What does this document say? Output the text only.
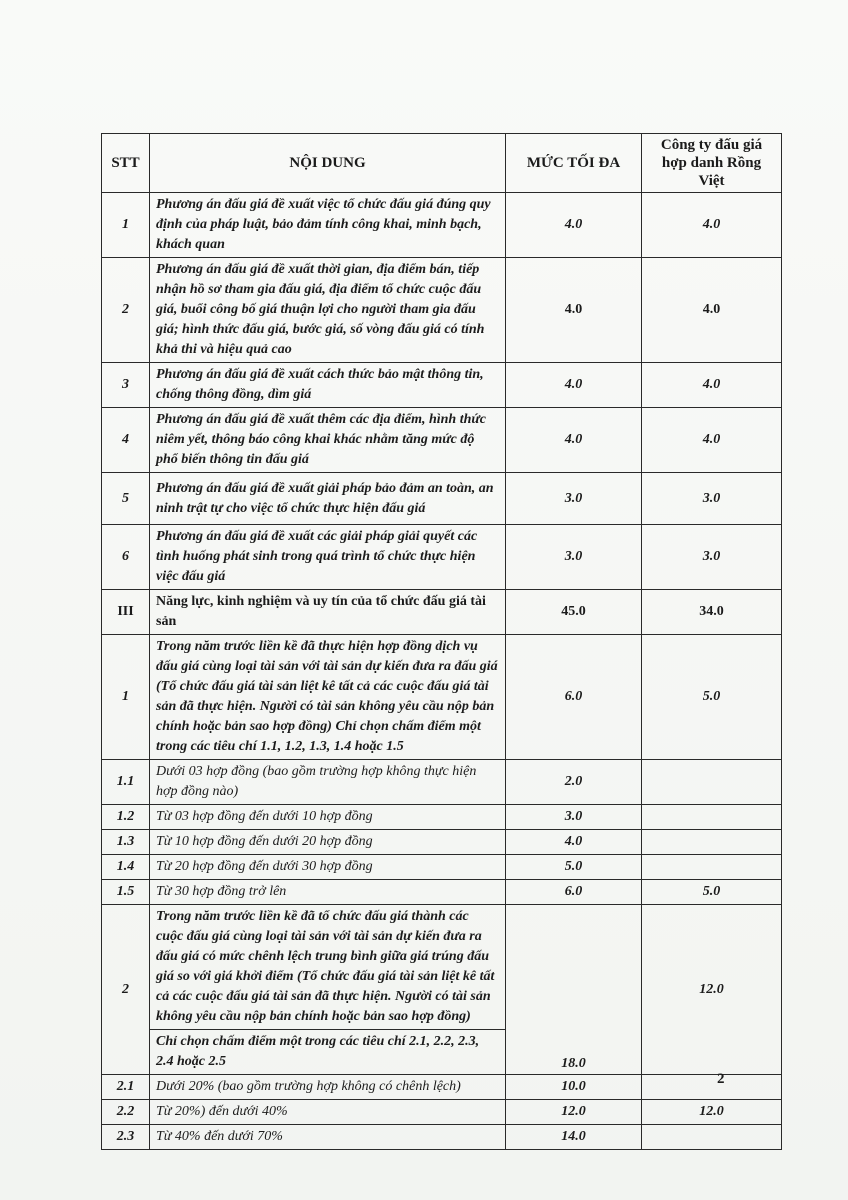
STT	NỘI DUNG	MỨC TỐI ĐA	Công ty đấu giá hợp danh Rồng Việt
1	Phương án đấu giá đề xuất việc tổ chức đấu giá đúng quy định của pháp luật, bảo đảm tính công khai, minh bạch, khách quan	4.0	4.0
2	Phương án đấu giá đề xuất thời gian, địa điểm bán, tiếp nhận hồ sơ tham gia đấu giá, địa điểm tổ chức cuộc đấu giá, buổi công bố giá thuận lợi cho người tham gia đấu giá; hình thức đấu giá, bước giá, số vòng đấu giá có tính khả thi và hiệu quả cao	4.0	4.0
3	Phương án đấu giá đề xuất cách thức bảo mật thông tin, chống thông đồng, dìm giá	4.0	4.0
4	Phương án đấu giá đề xuất thêm các địa điểm, hình thức niêm yết, thông báo công khai khác nhằm tăng mức độ phổ biến thông tin đấu giá	4.0	4.0
5	Phương án đấu giá đề xuất giải pháp bảo đảm an toàn, an ninh trật tự cho việc tổ chức thực hiện đấu giá	3.0	3.0
6	Phương án đấu giá đề xuất các giải pháp giải quyết các tình huống phát sinh trong quá trình tổ chức thực hiện việc đấu giá	3.0	3.0
III	Năng lực, kinh nghiệm và uy tín của tổ chức đấu giá tài sản	45.0	34.0
1	Trong năm trước liền kề đã thực hiện hợp đồng dịch vụ đấu giá cùng loại tài sản với tài sản dự kiến đưa ra đấu giá (Tổ chức đấu giá tài sản liệt kê tất cả các cuộc đấu giá tài sản đã thực hiện. Người có tài sản không yêu cầu nộp bản chính hoặc bản sao hợp đồng) Chỉ chọn chấm điểm một trong các tiêu chí 1.1, 1.2, 1.3, 1.4 hoặc 1.5	6.0	5.0
1.1	Dưới 03 hợp đồng (bao gồm trường hợp không thực hiện hợp đồng nào)	2.0	
1.2	Từ 03 hợp đồng đến dưới 10 hợp đồng	3.0	
1.3	Từ 10 hợp đồng đến dưới 20 hợp đồng	4.0	
1.4	Từ 20 hợp đồng đến dưới 30 hợp đồng	5.0	
1.5	Từ 30 hợp đồng trở lên	6.0	5.0
2	Trong năm trước liền kề đã tổ chức đấu giá thành các cuộc đấu giá cùng loại tài sản với tài sản dự kiến đưa ra đấu giá có mức chênh lệch trung bình giữa giá trúng đấu giá so với giá khởi điểm (Tổ chức đấu giá tài sản liệt kê tất cả các cuộc đấu giá tài sản đã thực hiện. Người có tài sản không yêu cầu nộp bản chính hoặc bản sao hợp đồng)	18.0	12.0
	Chỉ chọn chấm điểm một trong các tiêu chí 2.1, 2.2, 2.3, 2.4 hoặc 2.5		
2.1	Dưới 20% (bao gồm trường hợp không có chênh lệch)	10.0	
2.2	Từ 20%) đến dưới 40%	12.0	12.0
2.3	Từ 40% đến dưới 70%	14.0	
2
